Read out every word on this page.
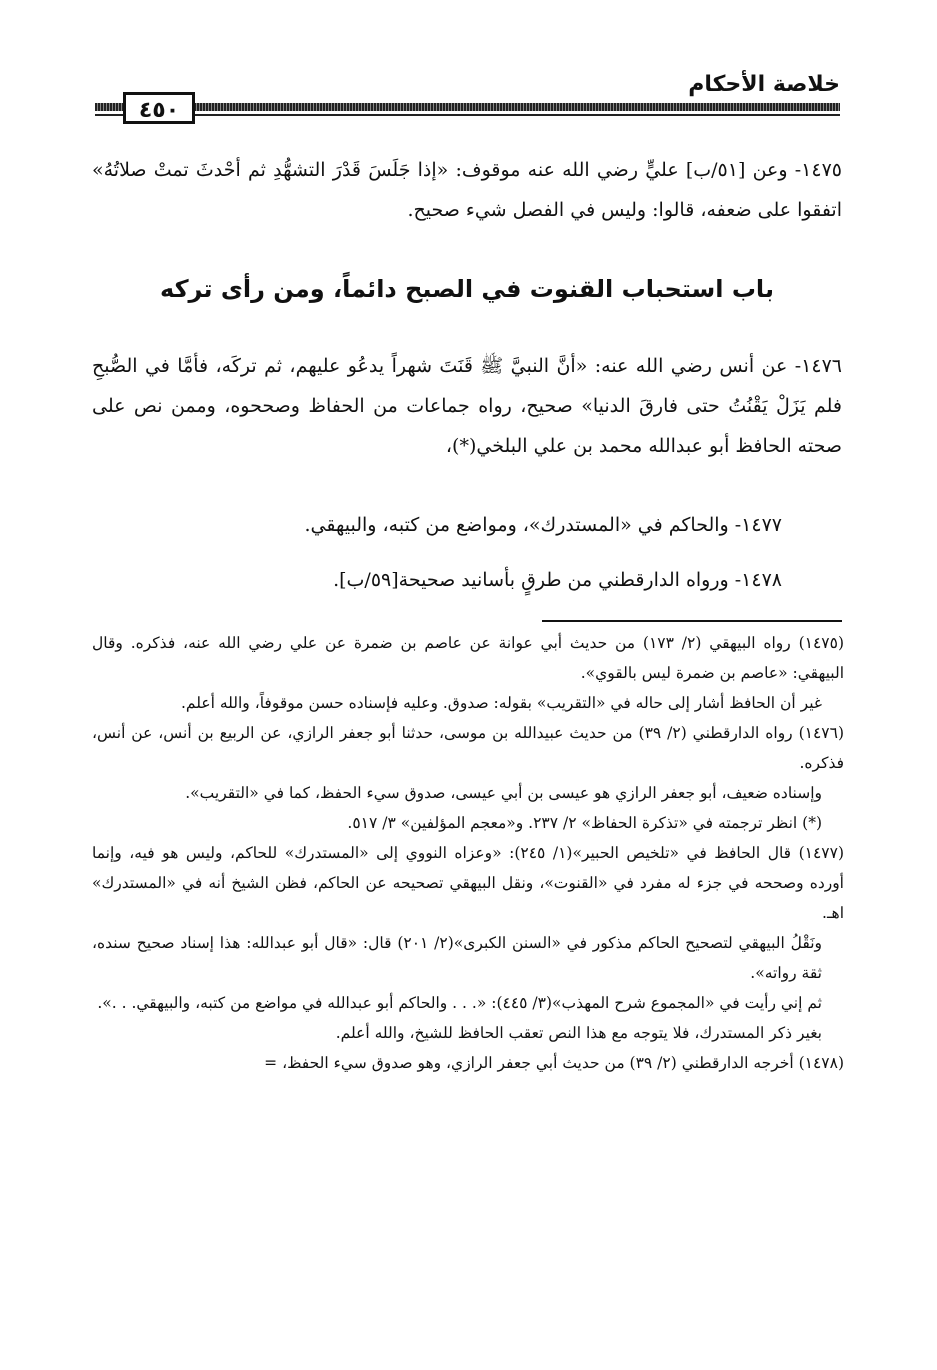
خلاصة الأحكام
٤٥٠

١٤٧٥- وعن [٥١/ب] عليٍّ رضي الله عنه موقوف: «إذا جَلَسَ قَدْرَ التشهُّدِ ثم أحْدثَ تمتْ صلاتُهُ» اتفقوا على ضعفه، قالوا: وليس في الفصل شيء صحيح.

باب استحباب القنوت في الصبح دائماً، ومن رأى تركه

١٤٧٦- عن أنس رضي الله عنه: «أنَّ النبيَّ ﷺ قَنَتَ شهراً يدعُو عليهم، ثم تركَه، فأمَّا في الصُّبحِ فلم يَزَلْ يَقْنُتُ حتى فارقَ الدنيا» صحيح، رواه جماعات من الحفاظ وصححوه، وممن نص على صحته الحافظ أبو عبدالله محمد بن علي البلخي(*)،

١٤٧٧- والحاكم في «المستدرك»، ومواضع من كتبه، والبيهقي.

١٤٧٨- ورواه الدارقطني من طرقٍ بأسانيد صحيحة[٥٩/ب].

(١٤٧٥) رواه البيهقي (٢/ ١٧٣) من حديث أبي عوانة عن عاصم بن ضمرة عن علي رضي الله عنه، فذكره. وقال البيهقي: «عاصم بن ضمرة ليس بالقوي».

غير أن الحافظ أشار إلى حاله في «التقريب» بقوله: صدوق. وعليه فإسناده حسن موقوفاً، والله أعلم.

(١٤٧٦) رواه الدارقطني (٢/ ٣٩) من حديث عبيدالله بن موسى، حدثنا أبو جعفر الرازي، عن الربيع بن أنس، عن أنس، فذكره.

وإسناده ضعيف، أبو جعفر الرازي هو عيسى بن أبي عيسى، صدوق سيء الحفظ، كما في «التقريب».

(*) انظر ترجمته في «تذكرة الحفاظ» ٢/ ٢٣٧. و«معجم المؤلفين» ٣/ ٥١٧.

(١٤٧٧) قال الحافظ في «تلخيص الحبير»(١/ ٢٤٥): «وعزاه النووي إلى «المستدرك» للحاكم، وليس هو فيه، وإنما أورده وصححه في جزء له مفرد في «القنوت»، ونقل البيهقي تصحيحه عن الحاكم، فظن الشيخ أنه في «المستدرك» اهـ.

ونَقْلُ البيهقي لتصحيح الحاكم مذكور في «السنن الكبرى»(٢/ ٢٠١) قال: «قال أبو عبدالله: هذا إسناد صحيح سنده، ثقة رواته».

ثم إني رأيت في «المجموع شرح المهذب»(٣/ ٤٤٥): «. . . والحاكم أبو عبدالله في مواضع من كتبه، والبيهقي. . .».

بغير ذكر المستدرك، فلا يتوجه مع هذا النص تعقب الحافظ للشيخ، والله أعلم.

(١٤٧٨) أخرجه الدارقطني (٢/ ٣٩) من حديث أبي جعفر الرازي، وهو صدوق سيء الحفظ، =
